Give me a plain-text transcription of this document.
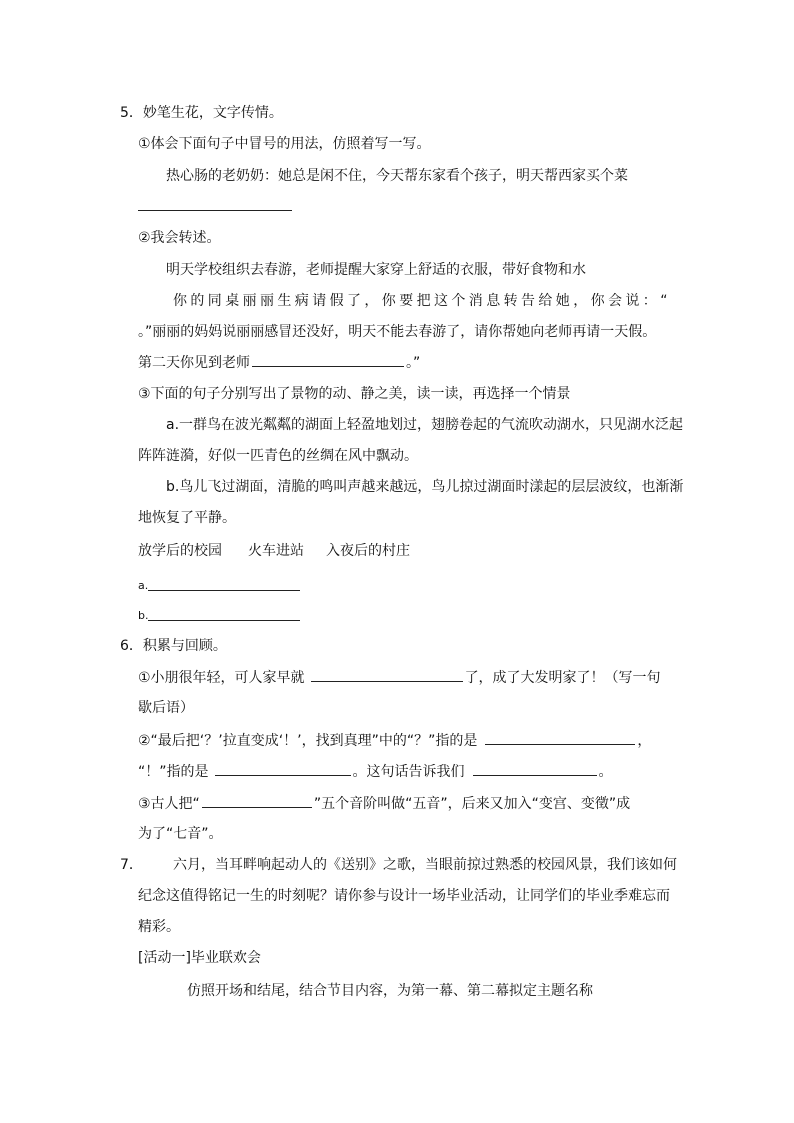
5．妙笔生花，文字传情。
①体会下面句子中冒号的用法，仿照着写一写。
热心肠的老奶奶：她总是闲不住，今天帮东家看个孩子，明天帮西家买个菜
②我会转述。
明天学校组织去春游，老师提醒大家穿上舒适的衣服，带好食物和水
你的同桌丽丽生病请假了，你要把这个消息转告给她，你会说：“
。”丽丽的妈妈说丽丽感冒还没好，明天不能去春游了，请你帮她向老师再请一天假。
第二天你见到老师	。”
③下面的句子分别写出了景物的动、静之美，读一读，再选择一个情景
a.一群鸟在波光粼粼的湖面上轻盈地划过，翅膀卷起的气流吹动湖水，只见湖水泛起
阵阵涟漪，好似一匹青色的丝绸在风中飘动。
b.鸟儿飞过湖面，清脆的鸣叫声越来越远，鸟儿掠过湖面时漾起的层层波纹，也渐渐
地恢复了平静。
放学后的校园 火车进站 入夜后的村庄
a.
b.
6．积累与回顾。
①小朋很年轻，可人家早就	了，成了大发明家了！（写一句
歇后语）
②“最后把‘？’拉直变成‘！’，找到真理”中的“？”指的是	，
“！”指的是	。这句话告诉我们	。
③古人把“	”五个音阶叫做“五音”，后来又加入“变宫、变徵”成
为了“七音”。
7． 六月，当耳畔响起动人的《送别》之歌，当眼前掠过熟悉的校园风景，我们该如何
纪念这值得铭记一生的时刻呢？请你参与设计一场毕业活动，让同学们的毕业季难忘而
精彩。
[活动一]毕业联欢会
仿照开场和结尾，结合节目内容，为第一幕、第二幕拟定主题名称
